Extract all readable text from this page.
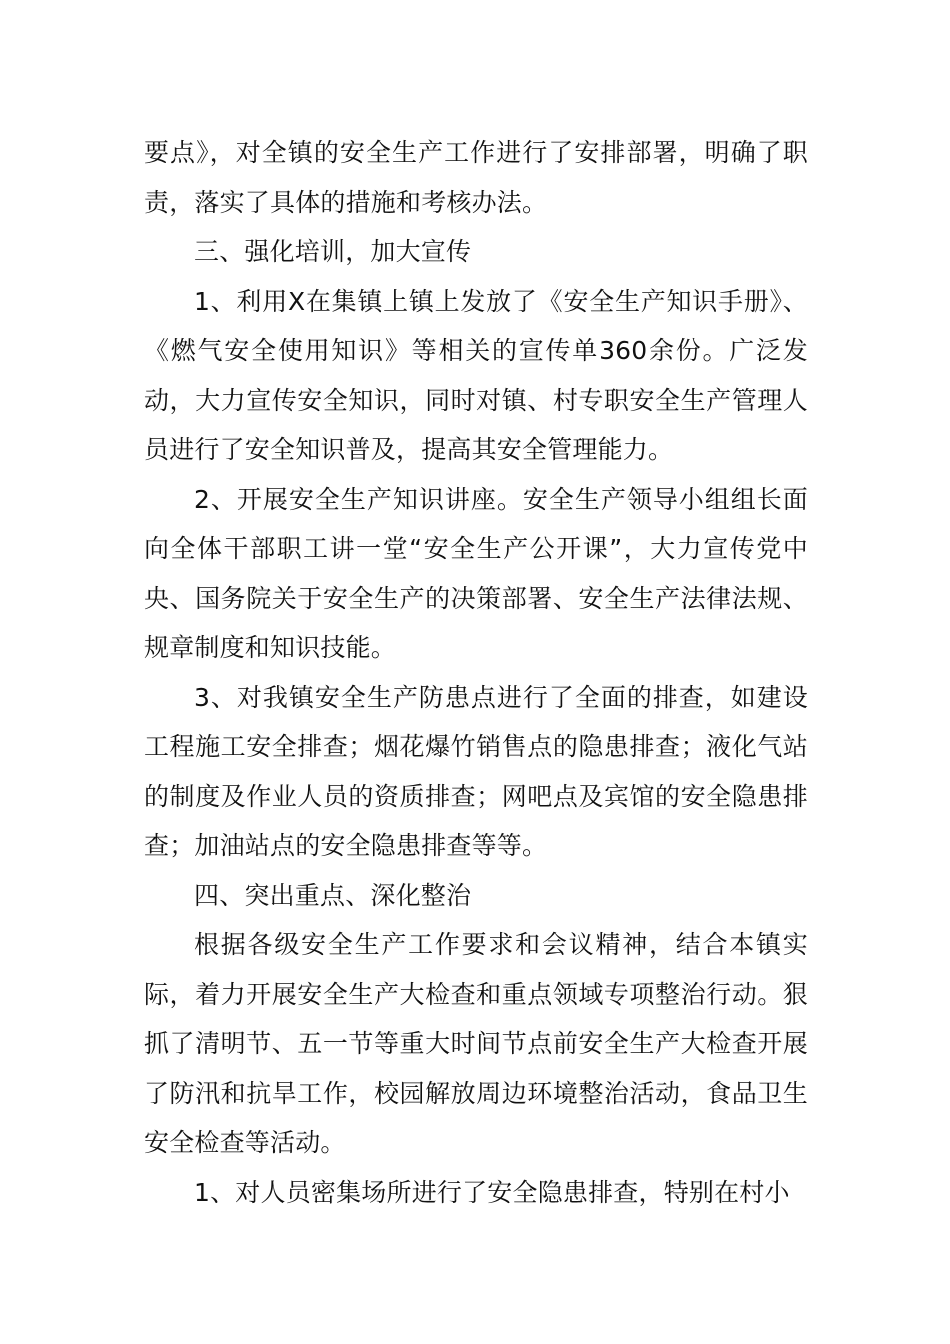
要点》，对全镇的安全生产工作进行了安排部署，明确了职责，落实了具体的措施和考核办法。

三、强化培训，加大宣传

1、利用X在集镇上镇上发放了《安全生产知识手册》、《燃气安全使用知识》等相关的宣传单360余份。广泛发动，大力宣传安全知识，同时对镇、村专职安全生产管理人员进行了安全知识普及，提高其安全管理能力。

2、开展安全生产知识讲座。安全生产领导小组组长面向全体干部职工讲一堂“安全生产公开课”，大力宣传党中央、国务院关于安全生产的决策部署、安全生产法律法规、规章制度和知识技能。

3、对我镇安全生产防患点进行了全面的排查，如建设工程施工安全排查；烟花爆竹销售点的隐患排查；液化气站的制度及作业人员的资质排查；网吧点及宾馆的安全隐患排查；加油站点的安全隐患排查等等。

四、突出重点、深化整治

根据各级安全生产工作要求和会议精神，结合本镇实际，着力开展安全生产大检查和重点领域专项整治行动。狠抓了清明节、五一节等重大时间节点前安全生产大检查开展了防汛和抗旱工作，校园解放周边环境整治活动，食品卫生安全检查等活动。

1、对人员密集场所进行了安全隐患排查，特别在村小
